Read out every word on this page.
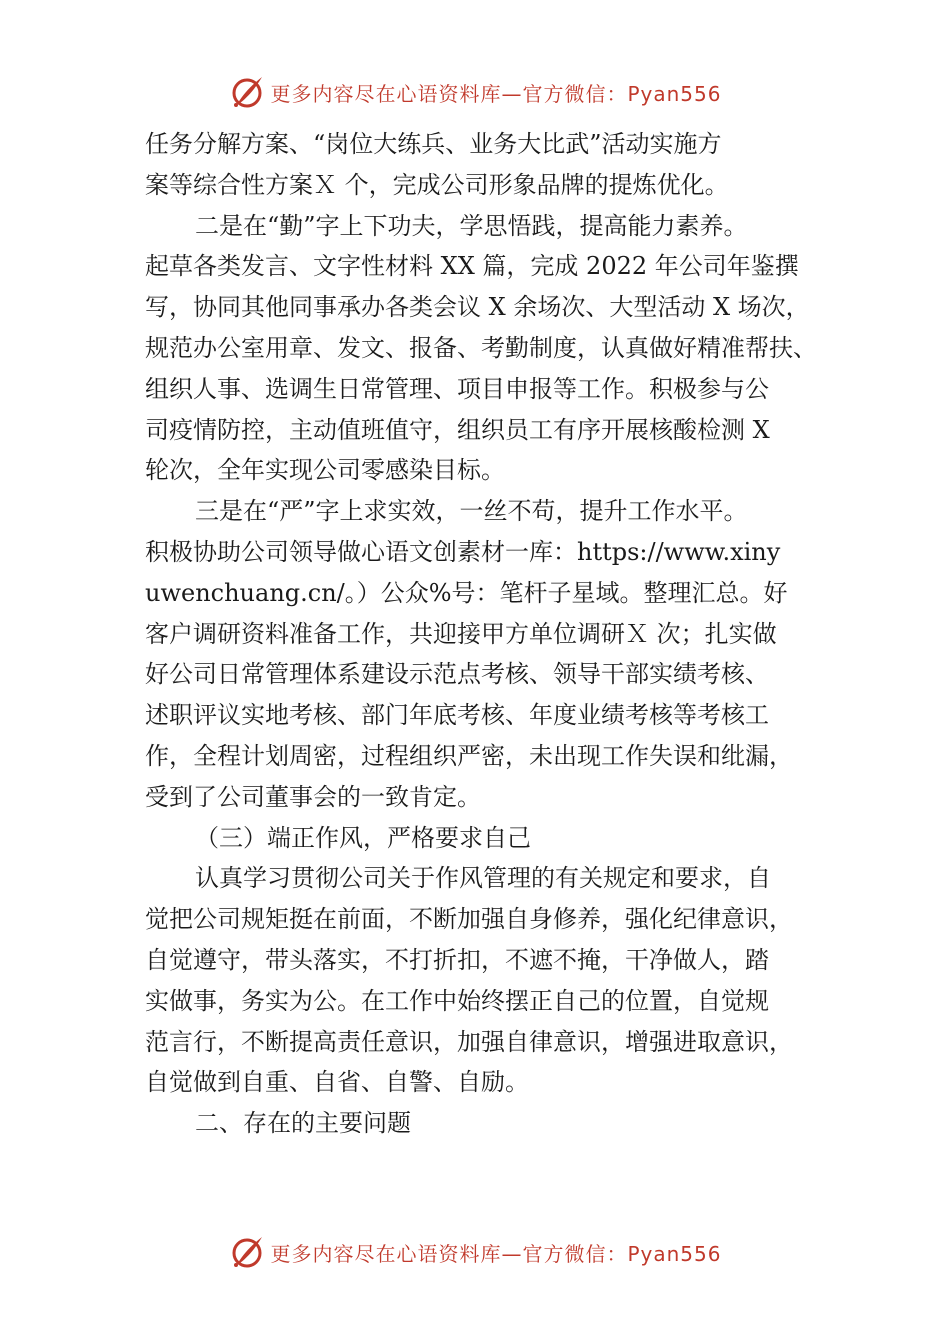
更多内容尽在心语资料库—官方微信：Pyan556
任务分解方案、“岗位大练兵、业务大比武”活动实施方
案等综合性方案Ｘ 个，完成公司形象品牌的提炼优化。
二是在“勤”字上下功夫，学思悟践，提高能力素养。
起草各类发言、文字性材料 XX 篇，完成 2022 年公司年鉴撰
写，协同其他同事承办各类会议 X 余场次、大型活动 X 场次，
规范办公室用章、发文、报备、考勤制度，认真做好精准帮扶、
组织人事、选调生日常管理、项目申报等工作。积极参与公
司疫情防控，主动值班值守，组织员工有序开展核酸检测 X
轮次，全年实现公司零感染目标。
三是在“严”字上求实效，一丝不苟，提升工作水平。
积极协助公司领导做心语文创素材一库：https://www.xiny
uwenchuang.cn/。）公众%号：笔杆子星域。整理汇总。好
客户调研资料准备工作，共迎接甲方单位调研Ｘ 次；扎实做
好公司日常管理体系建设示范点考核、领导干部实绩考核、
述职评议实地考核、部门年底考核、年度业绩考核等考核工
作，全程计划周密，过程组织严密，未出现工作失误和纰漏，
受到了公司董事会的一致肯定。
（三）端正作风，严格要求自己
认真学习贯彻公司关于作风管理的有关规定和要求，自
觉把公司规矩挺在前面，不断加强自身修养，强化纪律意识，
自觉遵守，带头落实，不打折扣，不遮不掩，干净做人，踏
实做事，务实为公。在工作中始终摆正自己的位置，自觉规
范言行，不断提高责任意识，加强自律意识，增强进取意识，
自觉做到自重、自省、自警、自励。
二、存在的主要问题
更多内容尽在心语资料库—官方微信：Pyan556
